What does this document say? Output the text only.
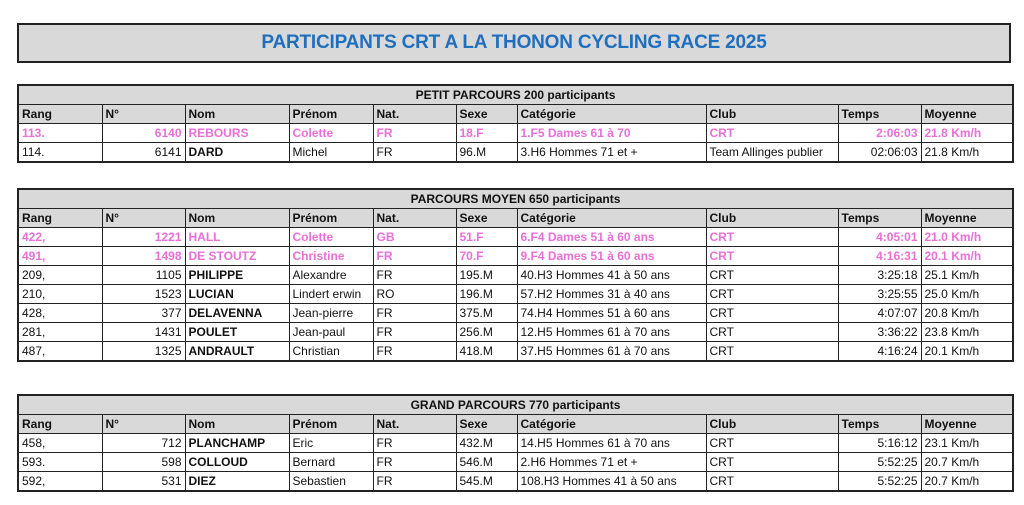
PARTICIPANTS CRT A LA THONON CYCLING RACE 2025
PETIT PARCOURS 200 participants									
Rang	N°	Nom	Prénom	Nat.	Sexe	Catégorie	Club	Temps	Moyenne
113.	6140	REBOURS	Colette	FR	18.F	1.F5 Dames 61 à 70	CRT	2:06:03	21.8 Km/h
114.	6141	DARD	Michel	FR	96.M	3.H6 Hommes 71 et +	Team Allinges publier	02:06:03	21.8 Km/h
PARCOURS MOYEN 650 participants									
Rang	N°	Nom	Prénom	Nat.	Sexe	Catégorie	Club	Temps	Moyenne
422,	1221	HALL	Colette	GB	51.F	6.F4 Dames 51 à 60 ans	CRT	4:05:01	21.0 Km/h
491,	1498	DE STOUTZ	Christine	FR	70.F	9.F4 Dames 51 à 60 ans	CRT	4:16:31	20.1 Km/h
209,	1105	PHILIPPE	Alexandre	FR	195.M	40.H3 Hommes 41 à 50 ans	CRT	3:25:18	25.1 Km/h
210,	1523	LUCIAN	Lindert erwin	RO	196.M	57.H2 Hommes 31 à 40 ans	CRT	3:25:55	25.0 Km/h
428,	377	DELAVENNA	Jean-pierre	FR	375.M	74.H4 Hommes 51 à 60 ans	CRT	4:07:07	20.8 Km/h
281,	1431	POULET	Jean-paul	FR	256.M	12.H5 Hommes 61 à 70 ans	CRT	3:36:22	23.8 Km/h
487,	1325	ANDRAULT	Christian	FR	418.M	37.H5 Hommes 61 à 70 ans	CRT	4:16:24	20.1 Km/h
GRAND PARCOURS 770 participants									
Rang	N°	Nom	Prénom	Nat.	Sexe	Catégorie	Club	Temps	Moyenne
458,	712	PLANCHAMP	Eric	FR	432.M	14.H5 Hommes 61 à 70 ans	CRT	5:16:12	23.1 Km/h
593.	598	COLLOUD	Bernard	FR	546.M	2.H6 Hommes 71 et +	CRT	5:52:25	20.7 Km/h
592,	531	DIEZ	Sebastien	FR	545.M	108.H3 Hommes 41 à 50 ans	CRT	5:52:25	20.7 Km/h
